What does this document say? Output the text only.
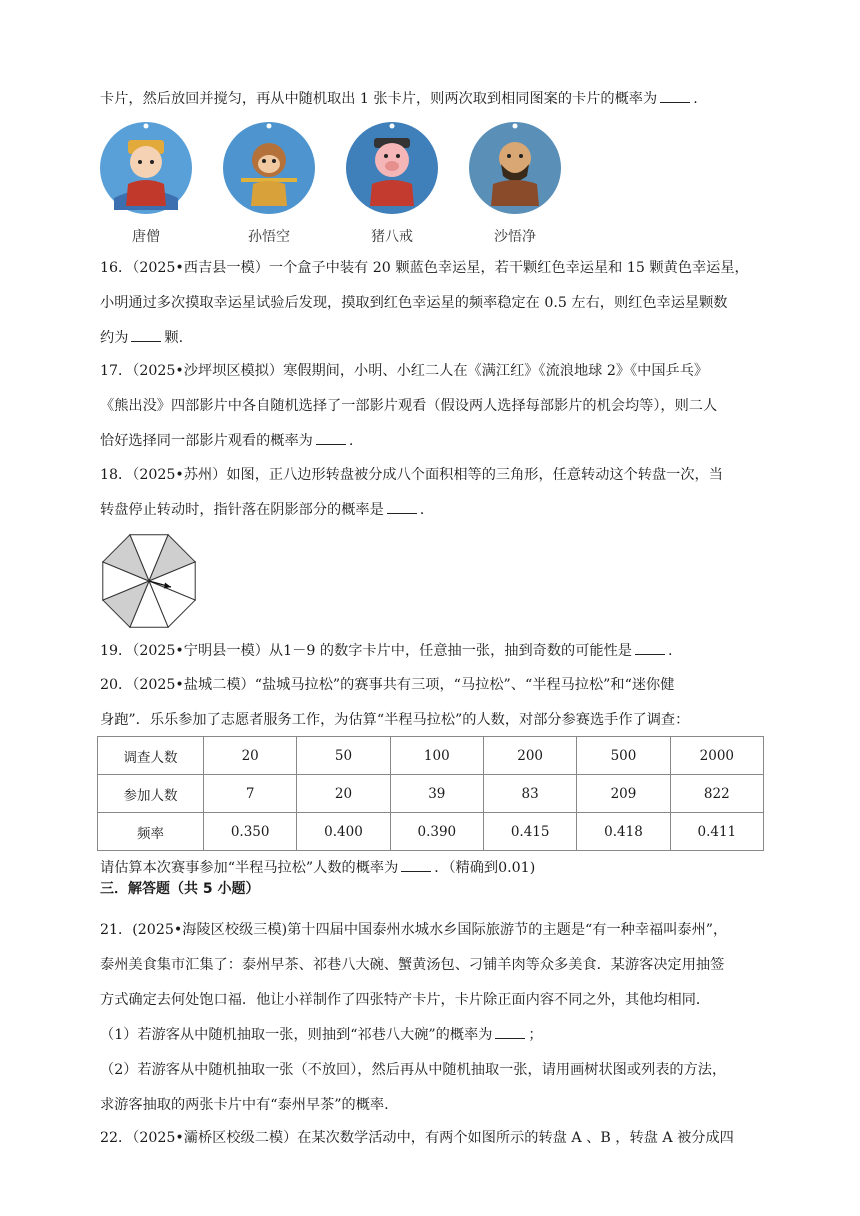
卡片，然后放回并搅匀，再从中随机取出 1 张卡片，则两次取到相同图案的卡片的概率为	.

唐僧	孙悟空	猪八戒	沙悟净

16．（2025•西吉县一模）一个盒子中装有 20 颗蓝色幸运星，若干颗红色幸运星和 15 颗黄色幸运星，
小明通过多次摸取幸运星试验后发现，摸取到红色幸运星的频率稳定在 0.5 左右，则红色幸运星颗数
约为	颗.

17．（2025•沙坪坝区模拟）寒假期间，小明、小红二人在《满江红》《流浪地球 2》《中国乒乓》
《熊出没》四部影片中各自随机选择了一部影片观看（假设两人选择每部影片的机会均等），则二人
恰好选择同一部影片观看的概率为	.

18．（2025•苏州）如图，正八边形转盘被分成八个面积相等的三角形，任意转动这个转盘一次，当
转盘停止转动时，指针落在阴影部分的概率是	.

19．（2025•宁明县一模）从1－9 的数字卡片中，任意抽一张，抽到奇数的可能性是	.

20．（2025•盐城二模）“盐城马拉松”的赛事共有三项，“马拉松”、“半程马拉松”和“迷你健
身跑”．乐乐参加了志愿者服务工作，为估算“半程马拉松”的人数，对部分参赛选手作了调查：

调查人数	20	50	100	200	500	2000
参加人数	7	20	39	83	209	822
频率	0.350	0.400	0.390	0.415	0.418	0.411

请估算本次赛事参加“半程马拉松”人数的概率为	．（精确到0.01)

三．解答题（共 5 小题）

21．(2025•海陵区校级三模)第十四届中国泰州水城水乡国际旅游节的主题是“有一种幸福叫泰州”，
泰州美食集市汇集了：泰州早茶、祁巷八大碗、蟹黄汤包、刁铺羊肉等众多美食．某游客决定用抽签
方式确定去何处饱口福．他让小祥制作了四张特产卡片，卡片除正面内容不同之外，其他均相同．
（1）若游客从中随机抽取一张，则抽到“祁巷八大碗”的概率为	；
（2）若游客从中随机抽取一张（不放回），然后再从中随机抽取一张，请用画树状图或列表的方法，
求游客抽取的两张卡片中有“泰州早茶”的概率.

22．（2025•灞桥区校级二模）在某次数学活动中，有两个如图所示的转盘 A 、B ，转盘 A 被分成四
